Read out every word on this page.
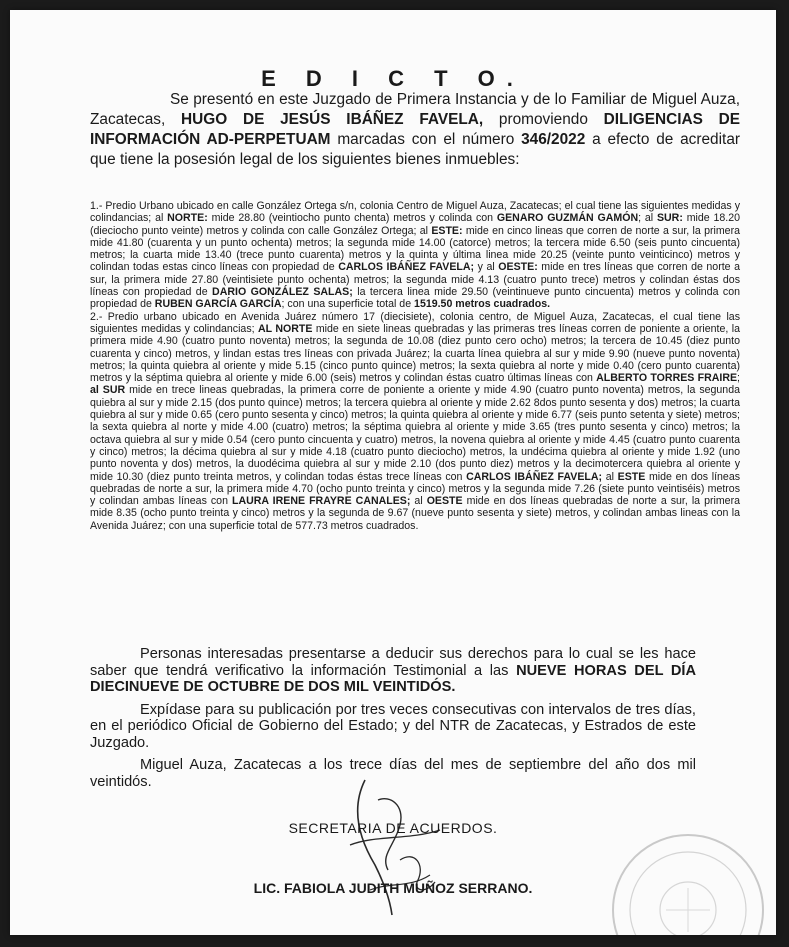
E D I C T O.

Se presentó en este Juzgado de Primera Instancia y de lo Familiar de Miguel Auza, Zacatecas, HUGO DE JESÚS IBÁÑEZ FAVELA, promoviendo DILIGENCIAS DE INFORMACIÓN AD-PERPETUAM marcadas con el número 346/2022 a efecto de acreditar que tiene la posesión legal de los siguientes bienes inmuebles:

1.- Predio Urbano ubicado en calle González Ortega s/n, colonia Centro de Miguel Auza, Zacatecas; el cual tiene las siguientes medidas y colindancias; al NORTE: mide 28.80 (veintiocho punto chenta) metros y colinda con GENARO GUZMÁN GAMÓN; al SUR: mide 18.20 (dieciocho punto veinte) metros y colinda con calle González Ortega; al ESTE: mide en cinco lineas que corren de norte a sur, la primera mide 41.80 (cuarenta y un punto ochenta) metros; la segunda mide 14.00 (catorce) metros; la tercera mide 6.50 (seis punto cincuenta) metros; la cuarta mide 13.40 (trece punto cuarenta) metros y la quinta y última linea mide 20.25 (veinte punto veinticinco) metros y colindan todas estas cinco líneas con propiedad de CARLOS IBÁÑEZ FAVELA; y al OESTE: mide en tres líneas que corren de norte a sur, la primera mide 27.80 (veintisiete punto ochenta) metros; la segunda mide 4.13 (cuatro punto trece) metros y colindan éstas dos líneas con propiedad de DARIO GONZÁLEZ SALAS; la tercera linea mide 29.50 (veintinueve punto cincuenta) metros y colinda con propiedad de RUBEN GARCÍA GARCÍA; con una superficie total de 1519.50 metros cuadrados.

2.- Predio urbano ubicado en Avenida Juárez número 17 (diecisiete), colonia centro, de Miguel Auza, Zacatecas, el cual tiene las siguientes medidas y colindancias; AL NORTE mide en siete lineas quebradas y las primeras tres líneas corren de poniente a oriente, la primera mide 4.90 (cuatro punto noventa) metros; la segunda de 10.08 (diez punto cero ocho) metros; la tercera de 10.45 (diez punto cuarenta y cinco) metros, y lindan estas tres líneas con privada Juárez; la cuarta línea quiebra al sur y mide 9.90 (nueve punto noventa) metros; la quinta quiebra al oriente y mide 5.15 (cinco punto quince) metros; la sexta quiebra al norte y mide 0.40 (cero punto cuarenta) metros y la séptima quiebra al oriente y mide 6.00 (seis) metros y colindan éstas cuatro últimas líneas con ALBERTO TORRES FRAIRE; al SUR mide en trece lineas quebradas, la primera corre de poniente a oriente y mide 4.90 (cuatro punto noventa) metros, la segunda quiebra al sur y mide 2.15 (dos punto quince) metros; la tercera quiebra al oriente y mide 2.62 8dos punto sesenta y dos) metros; la cuarta quiebra al sur y mide 0.65 (cero punto sesenta y cinco) metros; la quinta quiebra al oriente y mide 6.77 (seis punto setenta y siete) metros; la sexta quiebra al norte y mide 4.00 (cuatro) metros; la séptima quiebra al oriente y mide 3.65 (tres punto sesenta y cinco) metros; la octava quiebra al sur y mide 0.54 (cero punto cincuenta y cuatro) metros, la novena quiebra al oriente y mide 4.45 (cuatro punto cuarenta y cinco) metros; la décima quiebra al sur y mide 4.18 (cuatro punto dieciocho) metros, la undécima quiebra al oriente y mide 1.92 (uno punto noventa y dos) metros, la duodécima quiebra al sur y mide 2.10 (dos punto diez) metros y la decimotercera quiebra al oriente y mide 10.30 (diez punto treinta metros, y colindan todas éstas trece líneas con CARLOS IBÁÑEZ FAVELA; al ESTE mide en dos líneas quebradas de norte a sur, la primera mide 4.70 (ocho punto treinta y cinco) metros y la segunda mide 7.26 (siete punto veintiséis) metros y colindan ambas líneas con LAURA IRENE FRAYRE CANALES; al OESTE mide en dos líneas quebradas de norte a sur, la primera mide 8.35 (ocho punto treinta y cinco) metros y la segunda de 9.67 (nueve punto sesenta y siete) metros, y colindan ambas lineas con la Avenida Juárez; con una superficie total de 577.73 metros cuadrados.

Personas interesadas presentarse a deducir sus derechos para lo cual se les hace saber que tendrá verificativo la información Testimonial a las NUEVE HORAS DEL DÍA DIECINUEVE DE OCTUBRE DE DOS MIL VEINTIDÓS.

Expídase para su publicación por tres veces consecutivas con intervalos de tres días, en el periódico Oficial de Gobierno del Estado; y del NTR de Zacatecas, y Estrados de este Juzgado.

Miguel Auza, Zacatecas a los trece días del mes de septiembre del año dos mil veintidós.

SECRETARIA DE ACUERDOS.
LIC. FABIOLA JUDITH MUÑOZ SERRANO.
